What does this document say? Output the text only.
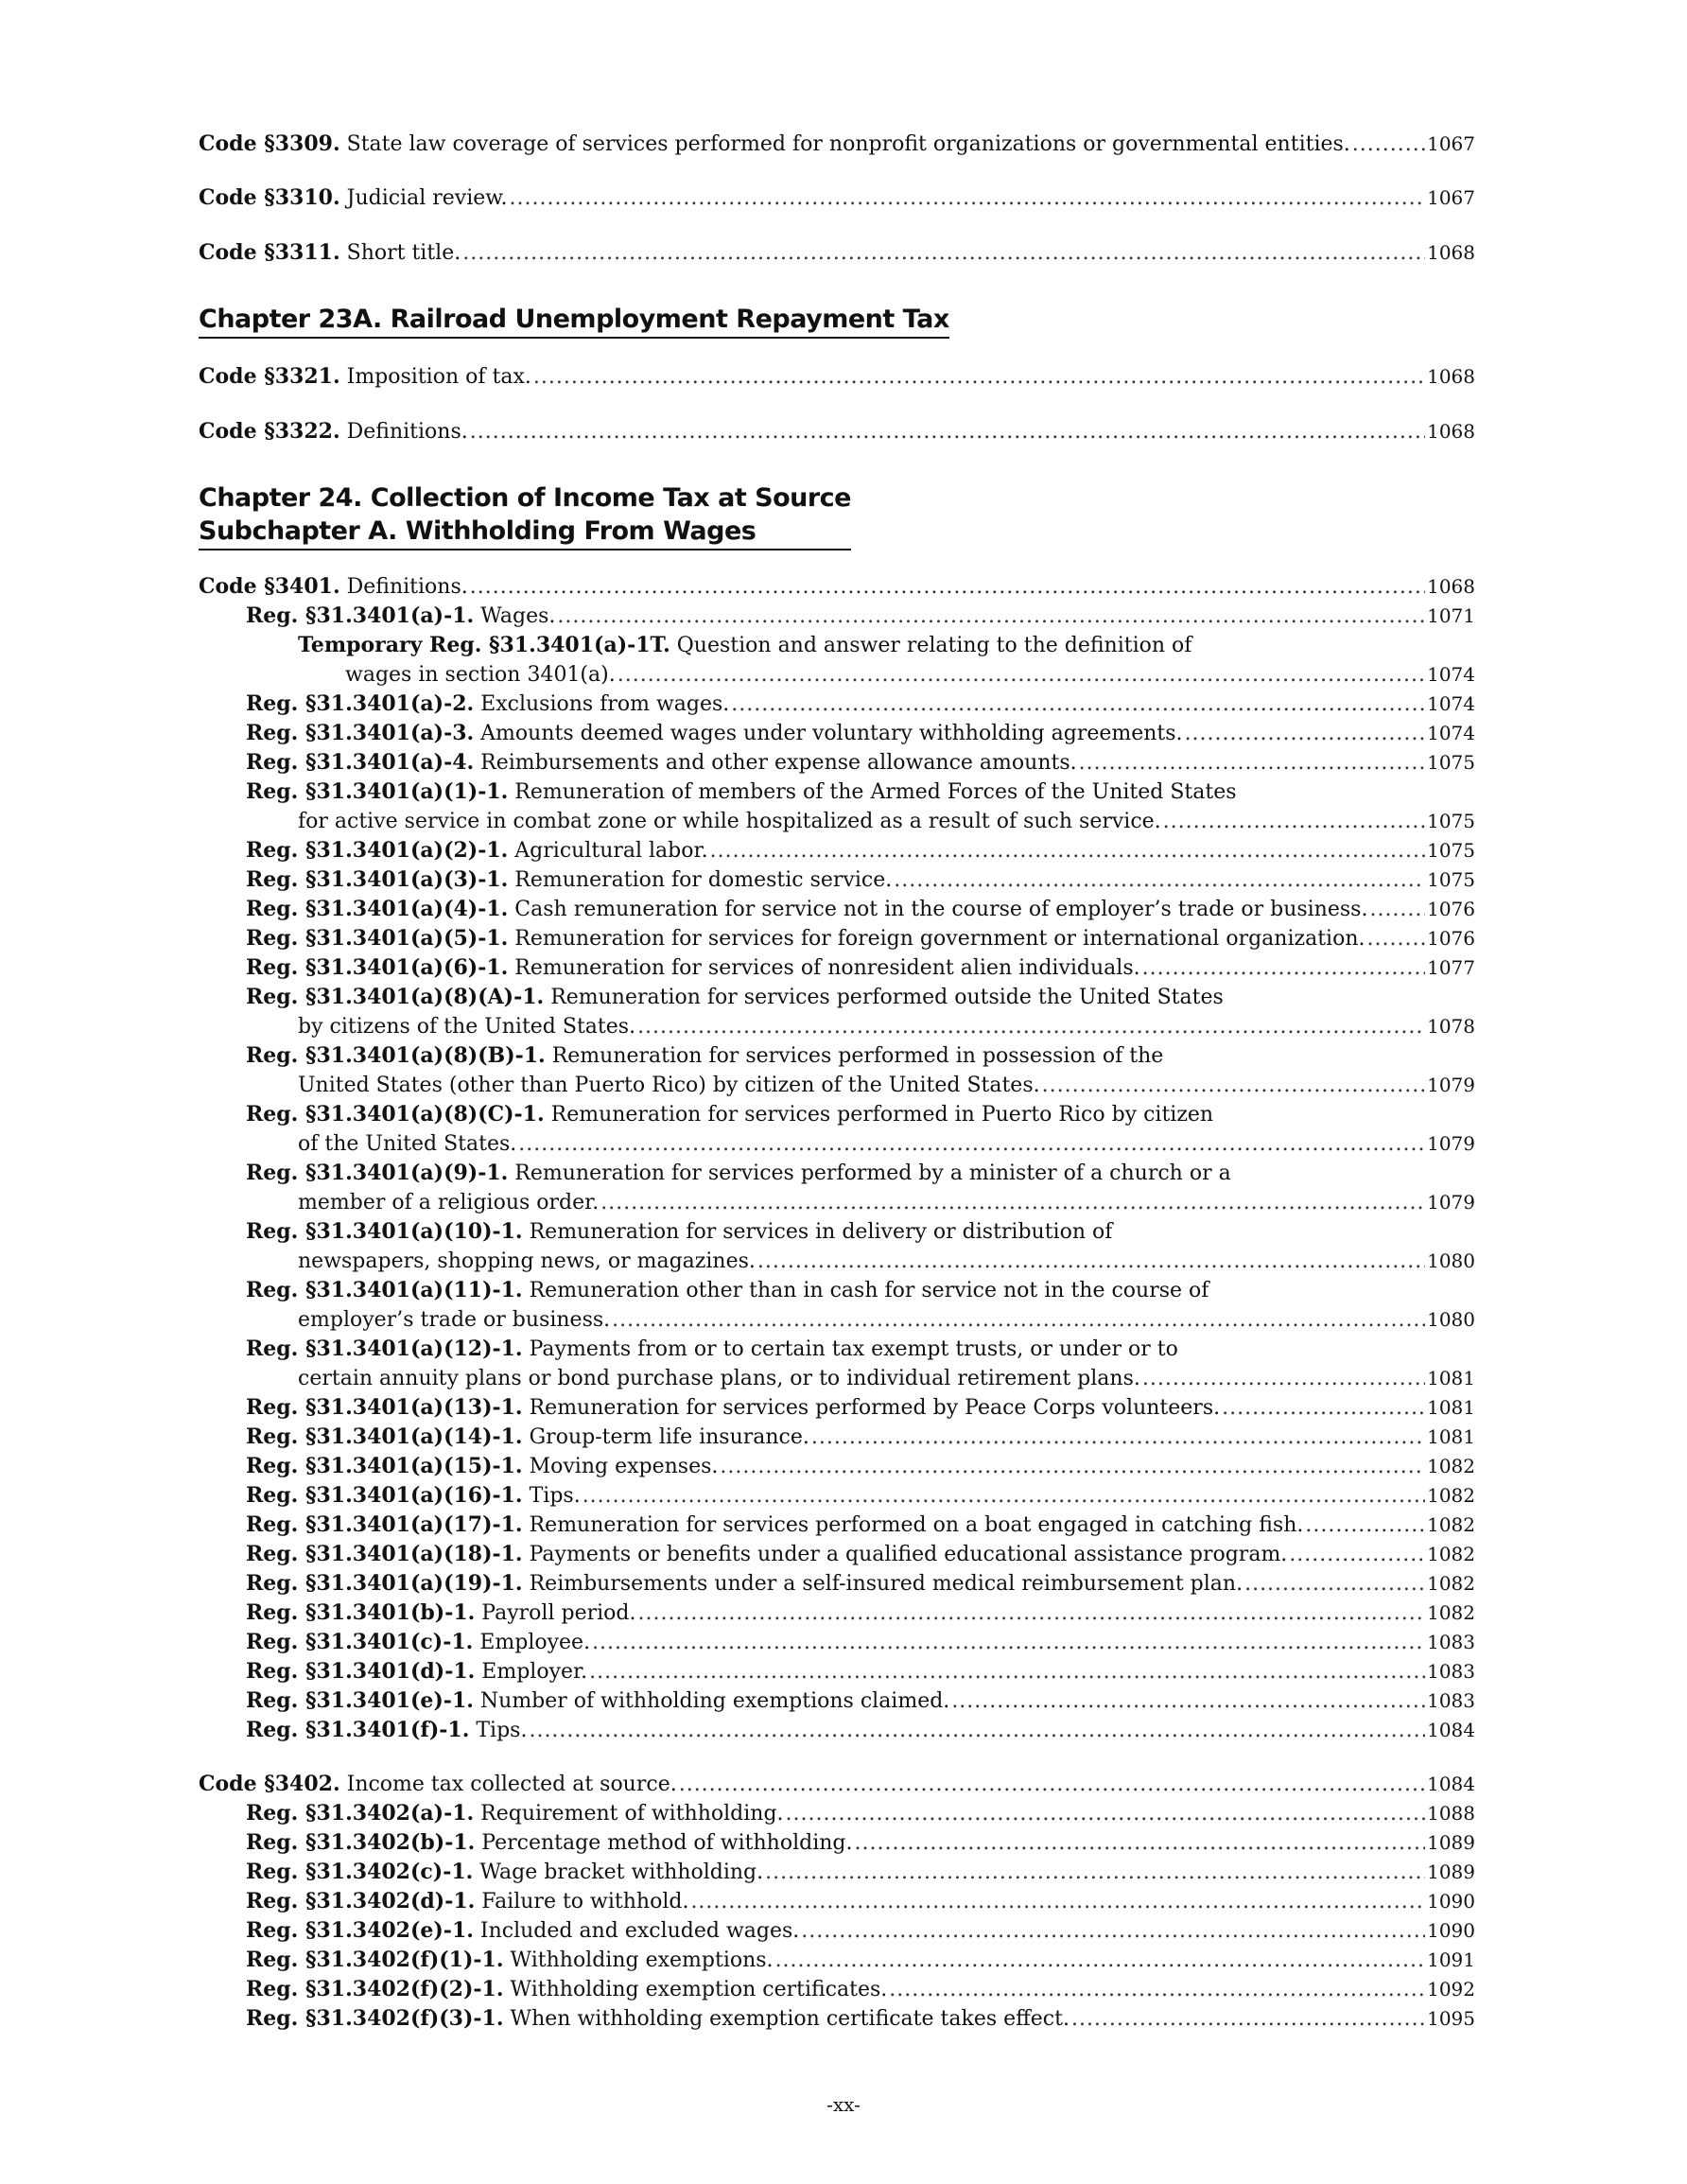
Code §3309. State law coverage of services performed for nonprofit organizations or governmental entities. .....	1067
Code §3310. Judicial review. .....	1067
Code §3311. Short title. .....	1068
Chapter 23A. Railroad Unemployment Repayment Tax
Code §3321. Imposition of tax. .....	1068
Code §3322. Definitions. .....	1068
Chapter 24. Collection of Income Tax at Source
Subchapter A. Withholding From Wages
Code §3401. Definitions. .....	1068
Reg. §31.3401(a)-1. Wages. .....	1071
Temporary Reg. §31.3401(a)-1T. Question and answer relating to the definition of
wages in section 3401(a). .....	1074
Reg. §31.3401(a)-2. Exclusions from wages. .....	1074
Reg. §31.3401(a)-3. Amounts deemed wages under voluntary withholding agreements. .....	1074
Reg. §31.3401(a)-4. Reimbursements and other expense allowance amounts. .....	1075
Reg. §31.3401(a)(1)-1. Remuneration of members of the Armed Forces of the United States
for active service in combat zone or while hospitalized as a result of such service. .....	1075
Reg. §31.3401(a)(2)-1. Agricultural labor. .....	1075
Reg. §31.3401(a)(3)-1. Remuneration for domestic service. .....	1075
Reg. §31.3401(a)(4)-1. Cash remuneration for service not in the course of employer’s trade or business. .....	1076
Reg. §31.3401(a)(5)-1. Remuneration for services for foreign government or international organization. .....	1076
Reg. §31.3401(a)(6)-1. Remuneration for services of nonresident alien individuals. .....	1077
Reg. §31.3401(a)(8)(A)-1. Remuneration for services performed outside the United States
by citizens of the United States. .....	1078
Reg. §31.3401(a)(8)(B)-1. Remuneration for services performed in possession of the
United States (other than Puerto Rico) by citizen of the United States. .....	1079
Reg. §31.3401(a)(8)(C)-1. Remuneration for services performed in Puerto Rico by citizen
of the United States. .....	1079
Reg. §31.3401(a)(9)-1. Remuneration for services performed by a minister of a church or a
member of a religious order. .....	1079
Reg. §31.3401(a)(10)-1. Remuneration for services in delivery or distribution of
newspapers, shopping news, or magazines. .....	1080
Reg. §31.3401(a)(11)-1. Remuneration other than in cash for service not in the course of
employer’s trade or business. .....	1080
Reg. §31.3401(a)(12)-1. Payments from or to certain tax exempt trusts, or under or to
certain annuity plans or bond purchase plans, or to individual retirement plans. .....	1081
Reg. §31.3401(a)(13)-1. Remuneration for services performed by Peace Corps volunteers. .....	1081
Reg. §31.3401(a)(14)-1. Group-term life insurance. .....	1081
Reg. §31.3401(a)(15)-1. Moving expenses. .....	1082
Reg. §31.3401(a)(16)-1. Tips. .....	1082
Reg. §31.3401(a)(17)-1. Remuneration for services performed on a boat engaged in catching fish. .....	1082
Reg. §31.3401(a)(18)-1. Payments or benefits under a qualified educational assistance program. .....	1082
Reg. §31.3401(a)(19)-1. Reimbursements under a self-insured medical reimbursement plan. .....	1082
Reg. §31.3401(b)-1. Payroll period. .....	1082
Reg. §31.3401(c)-1. Employee. .....	1083
Reg. §31.3401(d)-1. Employer. .....	1083
Reg. §31.3401(e)-1. Number of withholding exemptions claimed. .....	1083
Reg. §31.3401(f)-1. Tips. .....	1084
Code §3402. Income tax collected at source. .....	1084
Reg. §31.3402(a)-1. Requirement of withholding. .....	1088
Reg. §31.3402(b)-1. Percentage method of withholding. .....	1089
Reg. §31.3402(c)-1. Wage bracket withholding. .....	1089
Reg. §31.3402(d)-1. Failure to withhold. .....	1090
Reg. §31.3402(e)-1. Included and excluded wages. .....	1090
Reg. §31.3402(f)(1)-1. Withholding exemptions. .....	1091
Reg. §31.3402(f)(2)-1. Withholding exemption certificates. .....	1092
Reg. §31.3402(f)(3)-1. When withholding exemption certificate takes effect. .....	1095
-xx-
